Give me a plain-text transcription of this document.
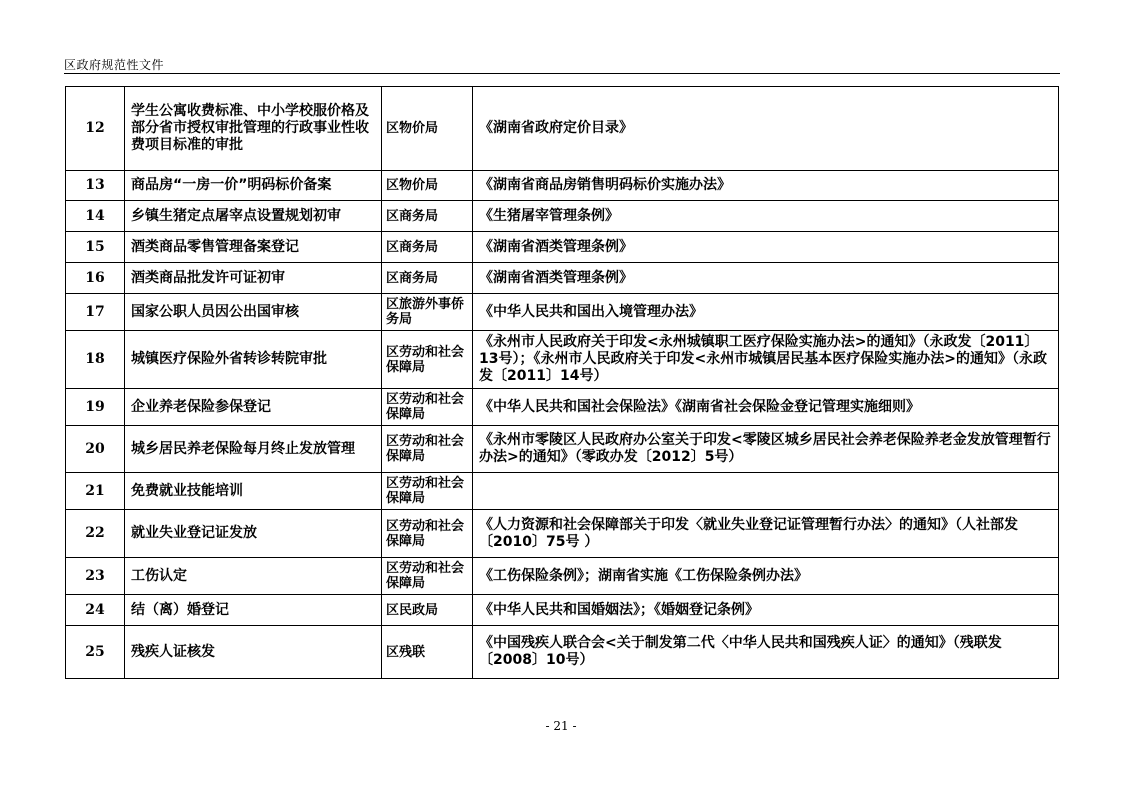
区政府规范性文件
12	学生公寓收费标准、中小学校服价格及部分省市授权审批管理的行政事业性收费项目标准的审批	区物价局	《湖南省政府定价目录》
13	商品房“一房一价”明码标价备案	区物价局	《湖南省商品房销售明码标价实施办法》
14	乡镇生猪定点屠宰点设置规划初审	区商务局	《生猪屠宰管理条例》
15	酒类商品零售管理备案登记	区商务局	《湖南省酒类管理条例》
16	酒类商品批发许可证初审	区商务局	《湖南省酒类管理条例》
17	国家公职人员因公出国审核	区旅游外事侨务局	《中华人民共和国出入境管理办法》
18	城镇医疗保险外省转诊转院审批	区劳动和社会保障局	《永州市人民政府关于印发<永州城镇职工医疗保险实施办法>的通知》（永政发〔2011〕13号）；《永州市人民政府关于印发<永州市城镇居民基本医疗保险实施办法>的通知》（永政发〔2011〕14号）
19	企业养老保险参保登记	区劳动和社会保障局	《中华人民共和国社会保险法》《湖南省社会保险金登记管理实施细则》
20	城乡居民养老保险每月终止发放管理	区劳动和社会保障局	《永州市零陵区人民政府办公室关于印发<零陵区城乡居民社会养老保险养老金发放管理暂行办法>的通知》（零政办发〔2012〕5号）
21	免费就业技能培训	区劳动和社会保障局	
22	就业失业登记证发放	区劳动和社会保障局	《人力资源和社会保障部关于印发〈就业失业登记证管理暂行办法〉的通知》（人社部发〔2010〕75号 ）
23	工伤认定	区劳动和社会保障局	《工伤保险条例》；湖南省实施《工伤保险条例办法》
24	结（离）婚登记	区民政局	《中华人民共和国婚姻法》；《婚姻登记条例》
25	残疾人证核发	区残联	《中国残疾人联合会<关于制发第二代〈中华人民共和国残疾人证〉的通知》（残联发〔2008〕10号）
- 21 -
